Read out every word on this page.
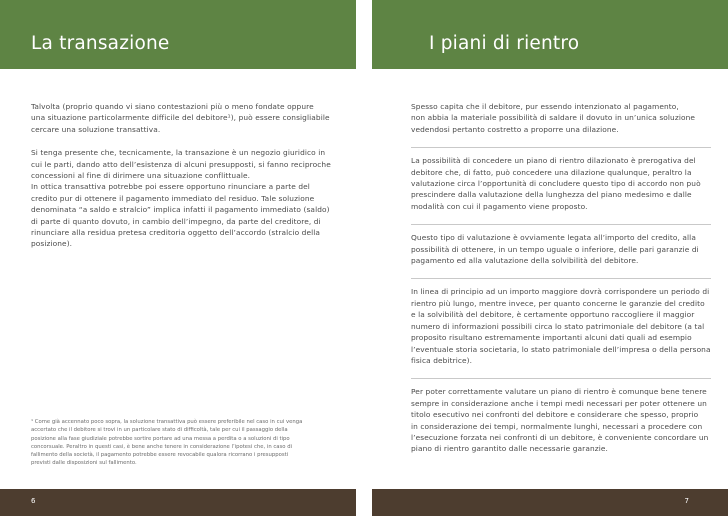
La transazione
Talvolta (proprio quando vi siano contestazioni più o meno fondate oppure
una situazione particolarmente difficile del debitore¹), può essere consigliabile
cercare una soluzione transattiva.
Si tenga presente che, tecnicamente, la transazione è un negozio giuridico in
cui le parti, dando atto dell’esistenza di alcuni presupposti, si fanno reciproche
concessioni al fine di dirimere una situazione conflittuale.
In ottica transattiva potrebbe poi essere opportuno rinunciare a parte del
credito pur di ottenere il pagamento immediato del residuo. Tale soluzione
denominata “a saldo e stralcio” implica infatti il pagamento immediato (saldo)
di parte di quanto dovuto, in cambio dell’impegno, da parte del creditore, di
rinunciare alla residua pretesa creditoria oggetto dell’accordo (stralcio della
posizione).
¹ Come già accennato poco sopra, la soluzione transattiva può essere preferibile nel caso in cui venga
accertato che il debitore si trovi in un particolare stato di difficoltà, tale per cui il passaggio della
posizione alla fase giudiziale potrebbe sortire portare ad una messa a perdita o a soluzioni di tipo
concorsuale. Peraltro in questi casi, è bene anche tenere in considerazione l’ipotesi che, in caso di
fallimento della società, il pagamento potrebbe essere revocabile qualora ricorrano i presupposti
previsti dalle disposizioni sul fallimento.
6
I piani di rientro
Spesso capita che il debitore, pur essendo intenzionato al pagamento,
non abbia la materiale possibilità di saldare il dovuto in un’unica soluzione
vedendosi pertanto costretto a proporre una dilazione.
La possibilità di concedere un piano di rientro dilazionato è prerogativa del
debitore che, di fatto, può concedere una dilazione qualunque, peraltro la
valutazione circa l’opportunità di concludere questo tipo di accordo non può
prescindere dalla valutazione della lunghezza del piano medesimo e dalle
modalità con cui il pagamento viene proposto.
Questo tipo di valutazione è ovviamente legata all’importo del credito, alla
possibilità di ottenere, in un tempo uguale o inferiore, delle pari garanzie di
pagamento ed alla valutazione della solvibilità del debitore.
In linea di principio ad un importo maggiore dovrà corrispondere un periodo di
rientro più lungo, mentre invece, per quanto concerne le garanzie del credito
e la solvibilità del debitore, è certamente opportuno raccogliere il maggior
numero di informazioni possibili circa lo stato patrimoniale del debitore (a tal
proposito risultano estremamente importanti alcuni dati quali ad esempio
l’eventuale storia societaria, lo stato patrimoniale dell’impresa o della persona
fisica debitrice).
Per poter correttamente valutare un piano di rientro è comunque bene tenere
sempre in considerazione anche i tempi medi necessari per poter ottenere un
titolo esecutivo nei confronti del debitore e considerare che spesso, proprio
in considerazione dei tempi, normalmente lunghi, necessari a procedere con
l’esecuzione forzata nei confronti di un debitore, è conveniente concordare un
piano di rientro garantito dalle necessarie garanzie.
7
